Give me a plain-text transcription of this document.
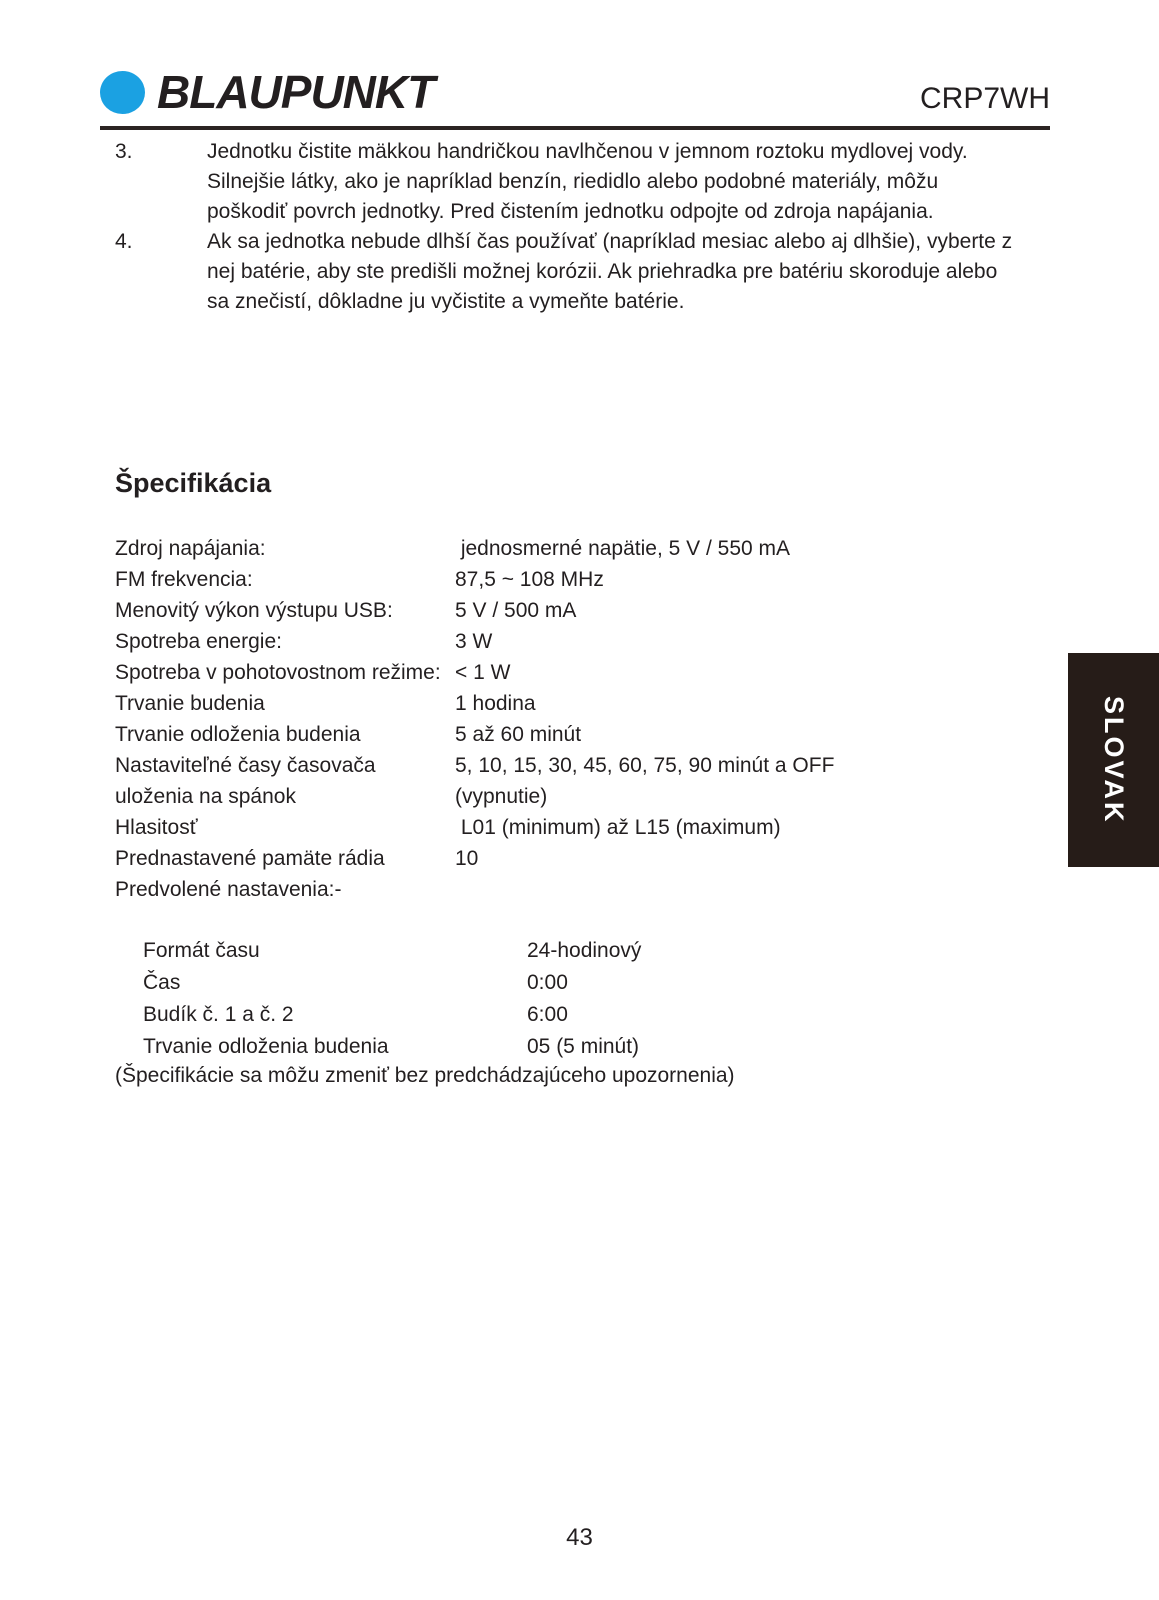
BLAUPUNKT	CRP7WH
3.	Jednotku čistite mäkkou handričkou navlhčenou v jemnom roztoku mydlovej vody. Silnejšie látky, ako je napríklad benzín, riedidlo alebo podobné materiály, môžu poškodiť povrch jednotky. Pred čistením jednotku odpojte od zdroja napájania.
4.	Ak sa jednotka nebude dlhší čas používať (napríklad mesiac alebo aj dlhšie), vyberte z nej batérie, aby ste predišli možnej korózii. Ak priehradka pre batériu skoroduje alebo sa znečistí, dôkladne ju vyčistite a vymeňte batérie.
Špecifikácia
Zdroj napájania:	jednosmerné napätie, 5 V / 550 mA
FM frekvencia:	87,5 ~ 108 MHz
Menovitý výkon výstupu USB:	5 V / 500 mA
Spotreba energie:	3 W
Spotreba v pohotovostnom režime: < 1 W
Trvanie budenia	1 hodina
Trvanie odloženia budenia	5 až 60 minút
Nastaviteľné časy časovača	5, 10, 15, 30, 45, 60, 75, 90 minút a OFF
uloženia na spánok	(vypnutie)
Hlasitosť	L01 (minimum) až L15 (maximum)
Prednastavené pamäte rádia	10
Predvolené nastavenia:-
Formát času	24-hodinový
Čas	0:00
Budík č. 1 a č. 2	6:00
Trvanie odloženia budenia	05 (5 minút)
(Špecifikácie sa môžu zmeniť bez predchádzajúceho upozornenia)
SLOVAK
43
